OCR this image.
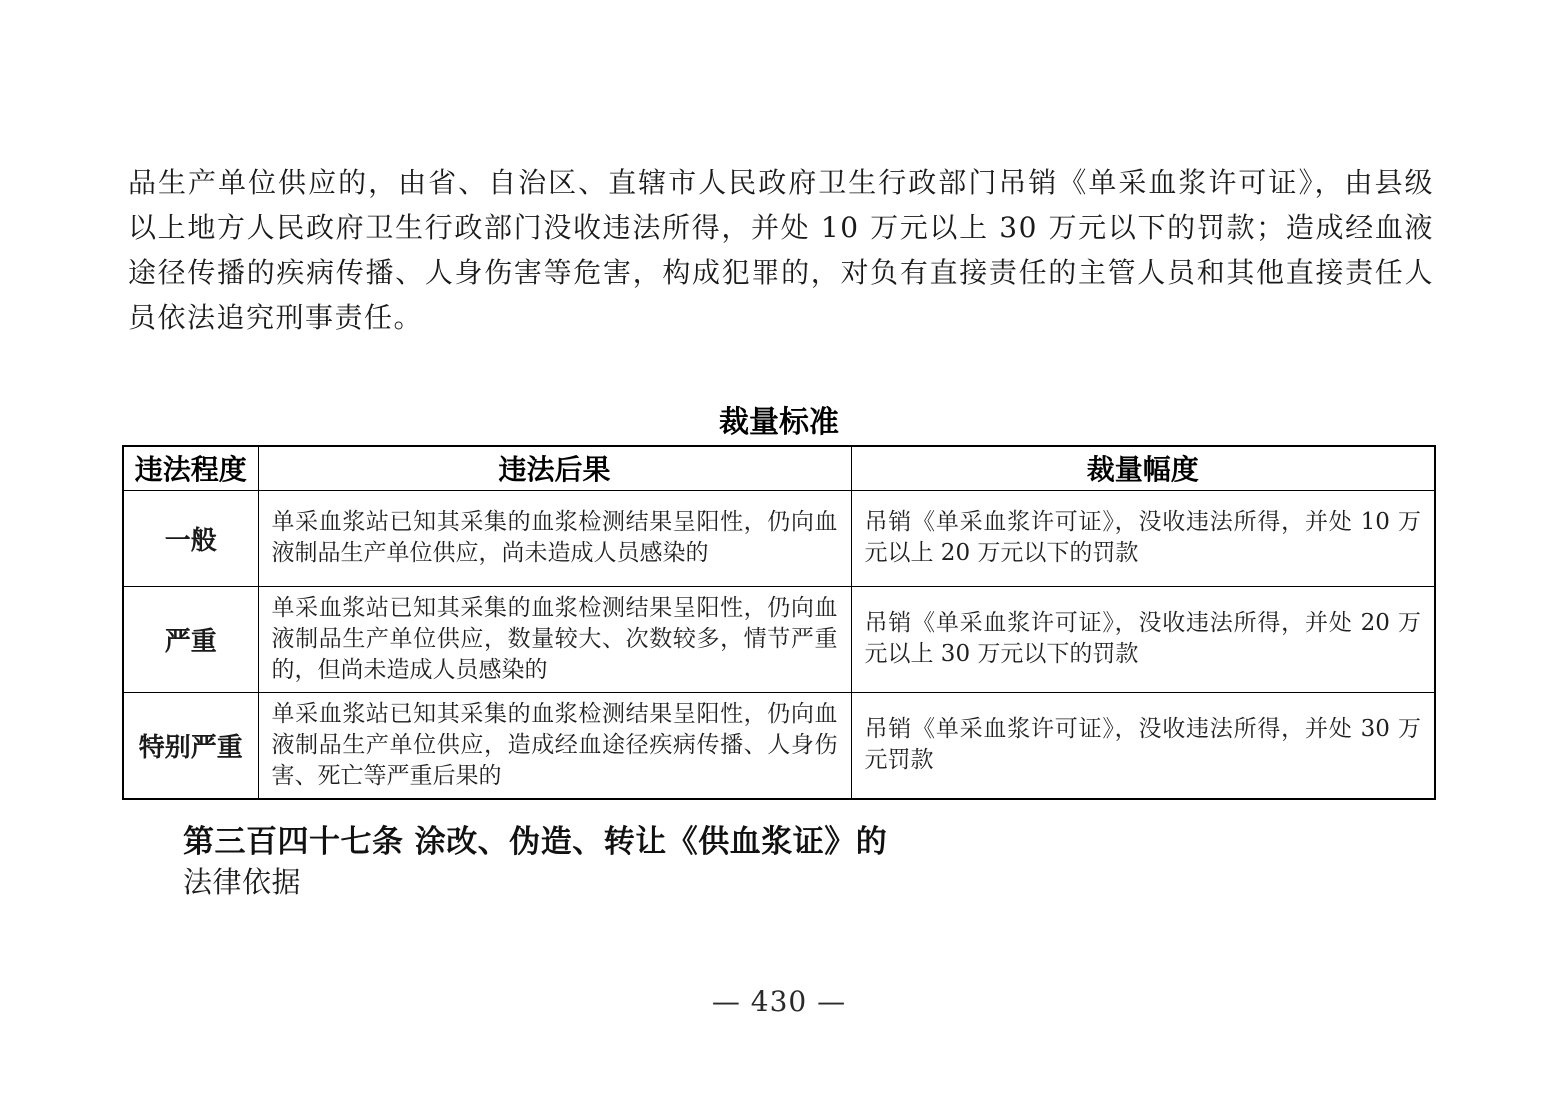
品生产单位供应的，由省、自治区、直辖市人民政府卫生行政部门吊销《单采血浆许可证》，由县级以上地方人民政府卫生行政部门没收违法所得，并处 10 万元以上 30 万元以下的罚款；造成经血液途径传播的疾病传播、人身伤害等危害，构成犯罪的，对负有直接责任的主管人员和其他直接责任人员依法追究刑事责任。

裁量标准
违法程度	违法后果	裁量幅度
一般	单采血浆站已知其采集的血浆检测结果呈阳性，仍向血液制品生产单位供应，尚未造成人员感染的	吊销《单采血浆许可证》，没收违法所得，并处 10 万元以上 20 万元以下的罚款
严重	单采血浆站已知其采集的血浆检测结果呈阳性，仍向血液制品生产单位供应，数量较大、次数较多，情节严重的，但尚未造成人员感染的	吊销《单采血浆许可证》，没收违法所得，并处 20 万元以上 30 万元以下的罚款
特别严重	单采血浆站已知其采集的血浆检测结果呈阳性，仍向血液制品生产单位供应，造成经血途径疾病传播、人身伤害、死亡等严重后果的	吊销《单采血浆许可证》，没收违法所得，并处 30 万元罚款
第三百四十七条 涂改、伪造、转让《供血浆证》的
法律依据
— 430 —
